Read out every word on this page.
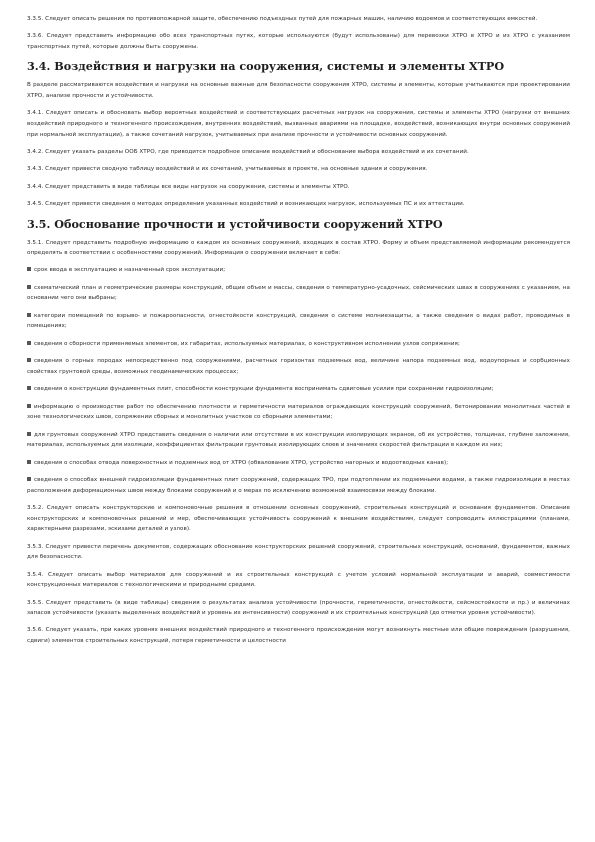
3.3.5. Следует описать решения по противопожарной защите, обеспечению подъездных путей для пожарных машин, наличию водоемов и соответствующих емкостей.

3.3.6. Следует представить информацию обо всех транспортных путях, которые используются (будут использованы) для перевозки ХТРО в ХТРО и из ХТРО с указанием транспортных путей, которые должны быть сооружены.

3.4. Воздействия и нагрузки на сооружения, системы и элементы ХТРО

В разделе рассматриваются воздействия и нагрузки на основные важные для безопасности сооружения ХТРО, системы и элементы, которые учитываются при проектировании ХТРО, анализе прочности и устойчивости.

3.4.1. Следует описать и обосновать выбор вероятных воздействий и соответствующих расчетных нагрузок на сооружения, системы и элементы ХТРО (нагрузки от внешних воздействий природного и техногенного происхождения, внутренних воздействий, вызванных авариями на площадке, воздействий, возникающих внутри основных сооружений при нормальной эксплуатации), а также сочетаний нагрузок, учитываемых при анализе прочности и устойчивости основных сооружений.

3.4.2. Следует указать разделы ООБ ХТРО, где приводится подробное описание воздействий и обоснование выбора воздействий и их сочетаний.

3.4.3. Следует привести сводную таблицу воздействий и их сочетаний, учитываемых в проекте, на основные здания и сооружения.

3.4.4. Следует представить в виде таблицы все виды нагрузок на сооружения, системы и элементы ХТРО.

3.4.5. Следует привести сведения о методах определения указанных воздействий и возникающих нагрузок, используемых ПС и их аттестации.

3.5. Обоснование прочности и устойчивости сооружений ХТРО

3.5.1. Следует представить подробную информацию о каждом из основных сооружений, входящих в состав ХТРО. Форму и объем представляемой информации рекомендуется определять в соответствии с особенностями сооружений. Информация о сооружении включает в себя:

срок ввода в эксплуатацию и назначенный срок эксплуатации;

схематический план и геометрические размеры конструкций, общие объем и массы, сведения о температурно-усадочных, сейсмических швах в сооружениях с указанием, на основании чего они выбраны;

категории помещений по взрыво- и пожароопасности, огнестойкости конструкций, сведения о системе молниезащиты, а также сведения о видах работ, проводимых в помещениях;

сведения о сборности применяемых элементов, их габаритах, используемых материалах, о конструктивном исполнении узлов сопряжения;

сведения о горных породах непосредственно под сооружениями, расчетных горизонтах подземных вод, величине напора подземных вод, водоупорных и сорбционных свойствах грунтовой среды, возможных геодинамических процессах;

сведения о конструкции фундаментных плит, способности конструкции фундамента воспринимать сдвиговые усилия при сохранении гидроизоляции;

информацию о производстве работ по обеспечению плотности и герметичности материалов ограждающих конструкций сооружений, бетонировании монолитных частей в зоне технологических швов, сопряжении сборных и монолитных участков со сборными элементами;

для грунтовых сооружений ХТРО представить сведения о наличии или отсутствии в их конструкции изолирующих экранов, об их устройстве, толщинах, глубине заложения, материалах, используемых для изоляции, коэффициентах фильтрации грунтовых изолирующих слоев и значениях скоростей фильтрации в каждом из них;

сведения о способах отвода поверхностных и подземных вод от ХТРО (обвалование ХТРО, устройство нагорных и водоотводных канав);

сведения о способах внешней гидроизоляции фундаментных плит сооружений, содержащих ТРО, при подтоплении их подземными водами, а также гидроизоляции в местах расположения деформационных швов между блоками сооружений и о мерах по исключению возможной взаимосвязи между блоками.

3.5.2. Следует описать конструкторские и компоновочные решения в отношении основных сооружений, строительных конструкций и основания фундаментов. Описание конструкторских и компоновочных решений и мер, обеспечивающих устойчивость сооружений к внешним воздействиям, следует сопроводить иллюстрациями (планами, характерными разрезами, эскизами деталей и узлов).

3.5.3. Следует привести перечень документов, содержащих обоснование конструкторских решений сооружений, строительных конструкций, оснований, фундаментов, важных для безопасности.

3.5.4. Следует описать выбор материалов для сооружений и их строительных конструкций с учетом условий нормальной эксплуатации и аварий, совместимости конструкционных материалов с технологическими и природными средами.

3.5.5. Следует представить (в виде таблицы) сведения о результатах анализа устойчивости (прочности, герметичности, огнестойкости, сейсмостойкости и пр.) и величинах запасов устойчивости (указать выделенных воздействий и уровень их интенсивности) сооружений и их строительных конструкций (до отметки уровня устойчивости).

3.5.6. Следует указать, при каких уровнях внешних воздействий природного и техногенного происхождения могут возникнуть местные или общие повреждения (разрушения, сдвиги) элементов строительных конструкций, потеря герметичности и целостности
